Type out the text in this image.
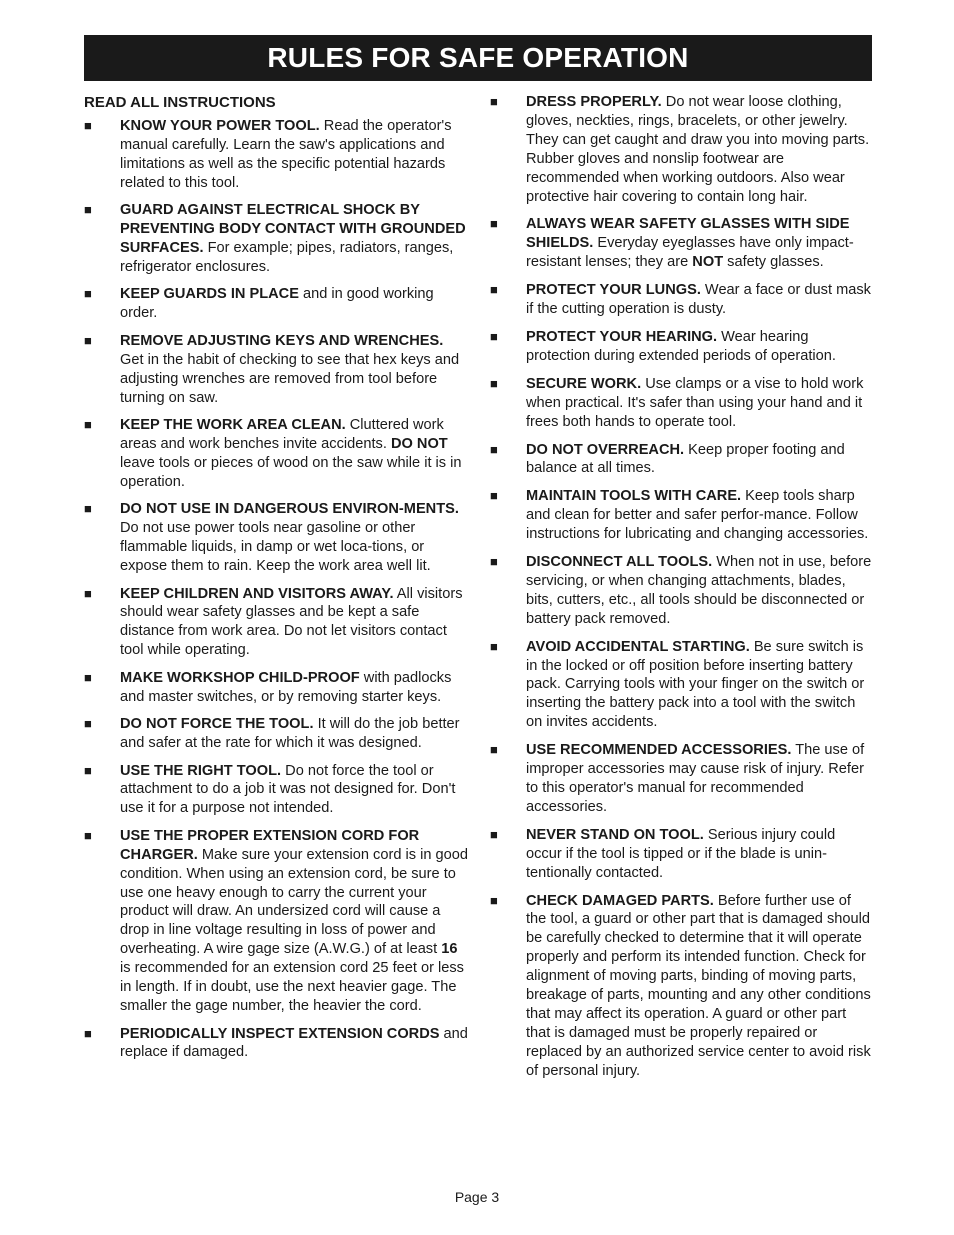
RULES FOR SAFE OPERATION
READ ALL INSTRUCTIONS
■	KNOW YOUR POWER TOOL. Read the operator's manual carefully. Learn the saw's applications and limitations as well as the specific potential hazards related to this tool.
■	GUARD AGAINST ELECTRICAL SHOCK BY PREVENTING BODY CONTACT WITH GROUNDED SURFACES. For example; pipes, radiators, ranges, refrigerator enclosures.
■	KEEP GUARDS IN PLACE and in good working order.
■	REMOVE ADJUSTING KEYS AND WRENCHES. Get in the habit of checking to see that hex keys and adjusting wrenches are removed from tool before turning on saw.
■	KEEP THE WORK AREA CLEAN. Cluttered work areas and work benches invite accidents. DO NOT leave tools or pieces of wood on the saw while it is in operation.
■	DO NOT USE IN DANGEROUS ENVIRON-MENTS. Do not use power tools near gasoline or other flammable liquids, in damp or wet loca-tions, or expose them to rain. Keep the work area well lit.
■	KEEP CHILDREN AND VISITORS AWAY. All visitors should wear safety glasses and be kept a safe distance from work area. Do not let visitors contact tool while operating.
■	MAKE WORKSHOP CHILD-PROOF with padlocks and master switches, or by removing starter keys.
■	DO NOT FORCE THE TOOL. It will do the job better and safer at the rate for which it was designed.
■	USE THE RIGHT TOOL. Do not force the tool or attachment to do a job it was not designed for. Don't use it for a purpose not intended.
■	USE THE PROPER EXTENSION CORD FOR CHARGER. Make sure your extension cord is in good condition. When using an extension cord, be sure to use one heavy enough to carry the current your product will draw. An undersized cord will cause a drop in line voltage resulting in loss of power and overheating. A wire gage size (A.W.G.) of at least 16 is recommended for an extension cord 25 feet or less in length. If in doubt, use the next heavier gage. The smaller the gage number, the heavier the cord.
■	PERIODICALLY INSPECT EXTENSION CORDS and replace if damaged.
■	DRESS PROPERLY. Do not wear loose clothing, gloves, neckties, rings, bracelets, or other jewelry. They can get caught and draw you into moving parts. Rubber gloves and nonslip footwear are recommended when working outdoors. Also wear protective hair covering to contain long hair.
■	ALWAYS WEAR SAFETY GLASSES WITH SIDE SHIELDS. Everyday eyeglasses have only impact-resistant lenses; they are NOT safety glasses.
■	PROTECT YOUR LUNGS. Wear a face or dust mask if the cutting operation is dusty.
■	PROTECT YOUR HEARING. Wear hearing protection during extended periods of operation.
■	SECURE WORK. Use clamps or a vise to hold work when practical. It's safer than using your hand and it frees both hands to operate tool.
■	DO NOT OVERREACH. Keep proper footing and balance at all times.
■	MAINTAIN TOOLS WITH CARE. Keep tools sharp and clean for better and safer perfor-mance. Follow instructions for lubricating and changing accessories.
■	DISCONNECT ALL TOOLS. When not in use, before servicing, or when changing attachments, blades, bits, cutters, etc., all tools should be disconnected or battery pack removed.
■	AVOID ACCIDENTAL STARTING. Be sure switch is in the locked or off position before inserting battery pack. Carrying tools with your finger on the switch or inserting the battery pack into a tool with the switch on invites accidents.
■	USE RECOMMENDED ACCESSORIES. The use of improper accessories may cause risk of injury. Refer to this operator's manual for recommended accessories.
■	NEVER STAND ON TOOL. Serious injury could occur if the tool is tipped or if the blade is unin-tentionally contacted.
■	CHECK DAMAGED PARTS. Before further use of the tool, a guard or other part that is damaged should be carefully checked to determine that it will operate properly and perform its intended function. Check for alignment of moving parts, binding of moving parts, breakage of parts, mounting and any other conditions that may affect its operation. A guard or other part that is damaged must be properly repaired or replaced by an authorized service center to avoid risk of personal injury.
Page 3
